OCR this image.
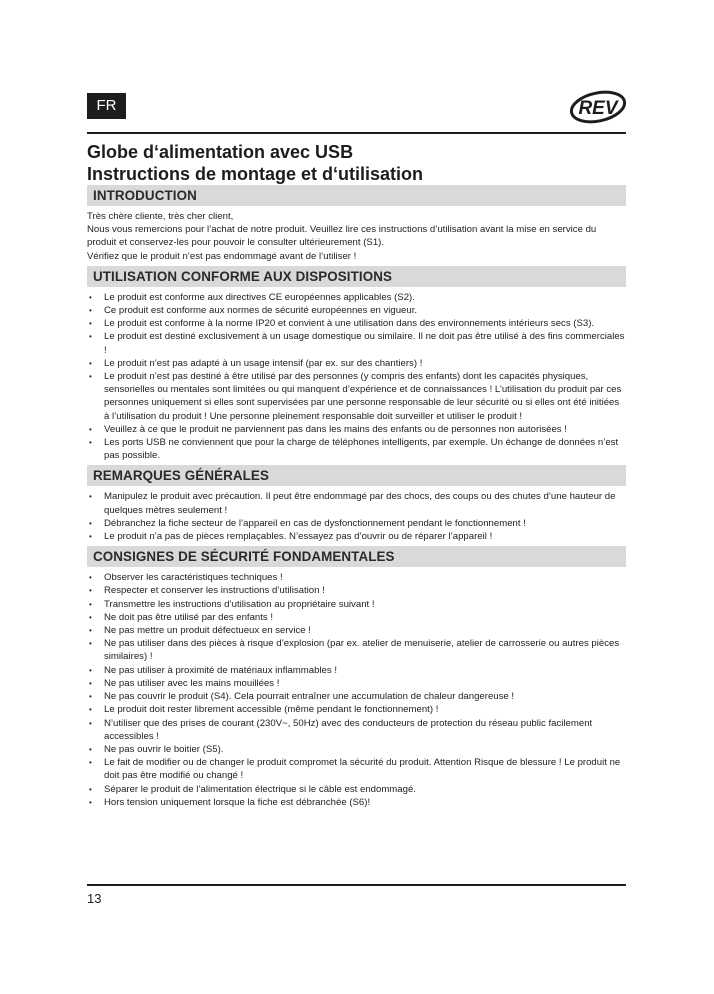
FR	REV
Globe d‘alimentation avec USB
Instructions de montage et d‘utilisation
INTRODUCTION
Très chère cliente, très cher client,
Nous vous remercions pour l’achat de notre produit. Veuillez lire ces instructions d’utilisation avant la mise en service du produit et conservez-les pour pouvoir le consulter ultérieurement (S1).
Vérifiez que le produit n‘est pas endommagé avant de l‘utiliser !
UTILISATION CONFORME AUX DISPOSITIONS
• Le produit est conforme aux directives CE européennes applicables (S2).
• Ce produit est conforme aux normes de sécurité européennes en vigueur.
• Le produit est conforme à la norme IP20 et convient à une utilisation dans des environnements intérieurs secs (S3).
• Le produit est destiné exclusivement à un usage domestique ou similaire. Il ne doit pas être utilisé à des fins commerciales !
• Le produit n’est pas adapté à un usage intensif (par ex. sur des chantiers) !
• Le produit n’est pas destiné à être utilisé par des personnes (y compris des enfants) dont les capacités physiques, sensorielles ou mentales sont limitées ou qui manquent d’expérience et de connaissances ! L’utilisation du produit par ces personnes uniquement si elles sont supervisées par une personne responsable de leur sécurité ou si elles ont été initiées à l’utilisation du produit ! Une personne pleinement responsable doit surveiller et utiliser le produit !
• Veuillez à ce que le produit ne parviennent pas dans les mains des enfants ou de personnes non autorisées !
• Les ports USB ne conviennent que pour la charge de téléphones intelligents, par exemple. Un échange de données n’est pas possible.
REMARQUES GÉNÉRALES
• Manipulez le produit avec précaution. Il peut être endommagé par des chocs, des coups ou des chutes d’une hauteur de quelques mètres seulement !
• Débranchez la fiche secteur de l’appareil en cas de dysfonctionnement pendant le fonctionnement !
• Le produit n’a pas de pièces remplaçables. N’essayez pas d’ouvrir ou de réparer l’appareil !
CONSIGNES DE SÉCURITÉ FONDAMENTALES
• Observer les caractéristiques techniques !
• Respecter et conserver les instructions d’utilisation !
• Transmettre les instructions d’utilisation au propriétaire suivant !
• Ne doit pas être utilisé par des enfants !
• Ne pas mettre un produit défectueux en service !
• Ne pas utiliser dans des pièces à risque d’explosion (par ex. atelier de menuiserie, atelier de carrosserie ou autres pièces similaires) !
• Ne pas utiliser à proximité de matériaux inflammables !
• Ne pas utiliser avec les mains mouillées !
• Ne pas couvrir le produit (S4). Cela pourrait entraîner une accumulation de chaleur dangereuse !
• Le produit doit rester librement accessible (même pendant le fonctionnement) !
• N’utiliser que des prises de courant (230V~, 50Hz) avec des conducteurs de protection du réseau public facilement accessibles !
• Ne pas ouvrir le boitier (S5).
• Le fait de modifier ou de changer le produit compromet la sécurité du produit. Attention Risque de blessure ! Le produit ne doit pas être modifié ou changé !
• Séparer le produit de l’alimentation électrique si le câble est endommagé.
• Hors tension uniquement lorsque la fiche est débranchée (S6)!
13
